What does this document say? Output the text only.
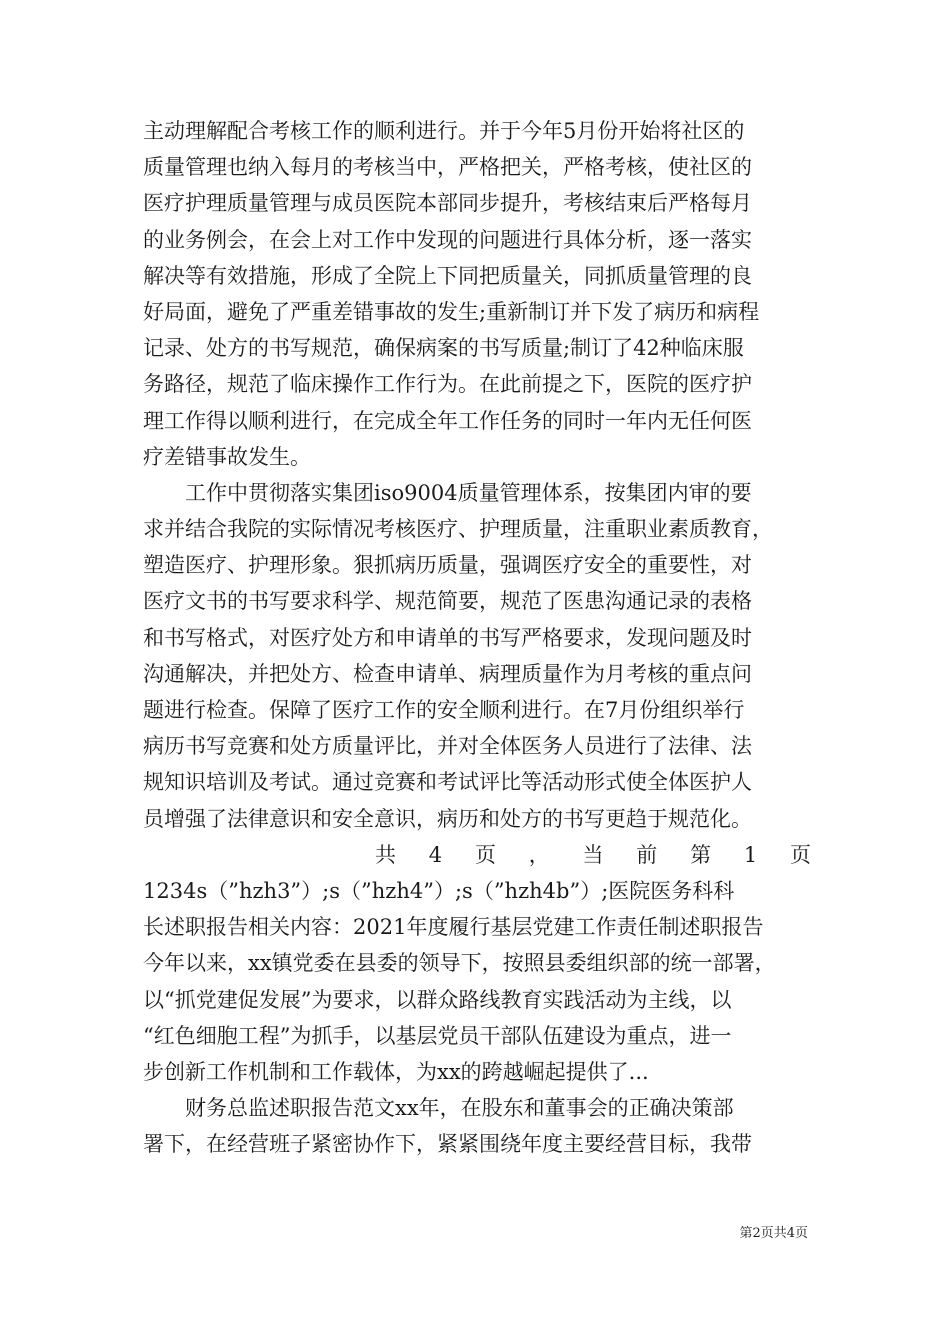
主动理解配合考核工作的顺利进行。并于今年5月份开始将社区的
质量管理也纳入每月的考核当中，严格把关，严格考核，使社区的
医疗护理质量管理与成员医院本部同步提升，考核结束后严格每月
的业务例会，在会上对工作中发现的问题进行具体分析，逐一落实
解决等有效措施，形成了全院上下同把质量关，同抓质量管理的良
好局面，避免了严重差错事故的发生;重新制订并下发了病历和病程
记录、处方的书写规范，确保病案的书写质量;制订了42种临床服
务路径，规范了临床操作工作行为。在此前提之下，医院的医疗护
理工作得以顺利进行，在完成全年工作任务的同时一年内无任何医
疗差错事故发生。
工作中贯彻落实集团iso9004质量管理体系，按集团内审的要
求并结合我院的实际情况考核医疗、护理质量，注重职业素质教育，
塑造医疗、护理形象。狠抓病历质量，强调医疗安全的重要性，对
医疗文书的书写要求科学、规范简要，规范了医患沟通记录的表格
和书写格式，对医疗处方和申请单的书写严格要求，发现问题及时
沟通解决，并把处方、检查申请单、病理质量作为月考核的重点问
题进行检查。保障了医疗工作的安全顺利进行。在7月份组织举行
病历书写竞赛和处方质量评比，并对全体医务人员进行了法律、法
规知识培训及考试。通过竞赛和考试评比等活动形式使全体医护人
员增强了法律意识和安全意识，病历和处方的书写更趋于规范化。
共 4 页 ， 当 前 第 1 页
1234s（”hzh3”）;s（”hzh4”）;s（”hzh4b”）;医院医务科科
长述职报告相关内容：2021年度履行基层党建工作责任制述职报告
今年以来，xx镇党委在县委的领导下，按照县委组织部的统一部署，
以“抓党建促发展”为要求，以群众路线教育实践活动为主线，以
“红色细胞工程”为抓手，以基层党员干部队伍建设为重点，进一
步创新工作机制和工作载体，为xx的跨越崛起提供了...
财务总监述职报告范文xx年，在股东和董事会的正确决策部
署下，在经营班子紧密协作下，紧紧围绕年度主要经营目标，我带
第2页共4页
